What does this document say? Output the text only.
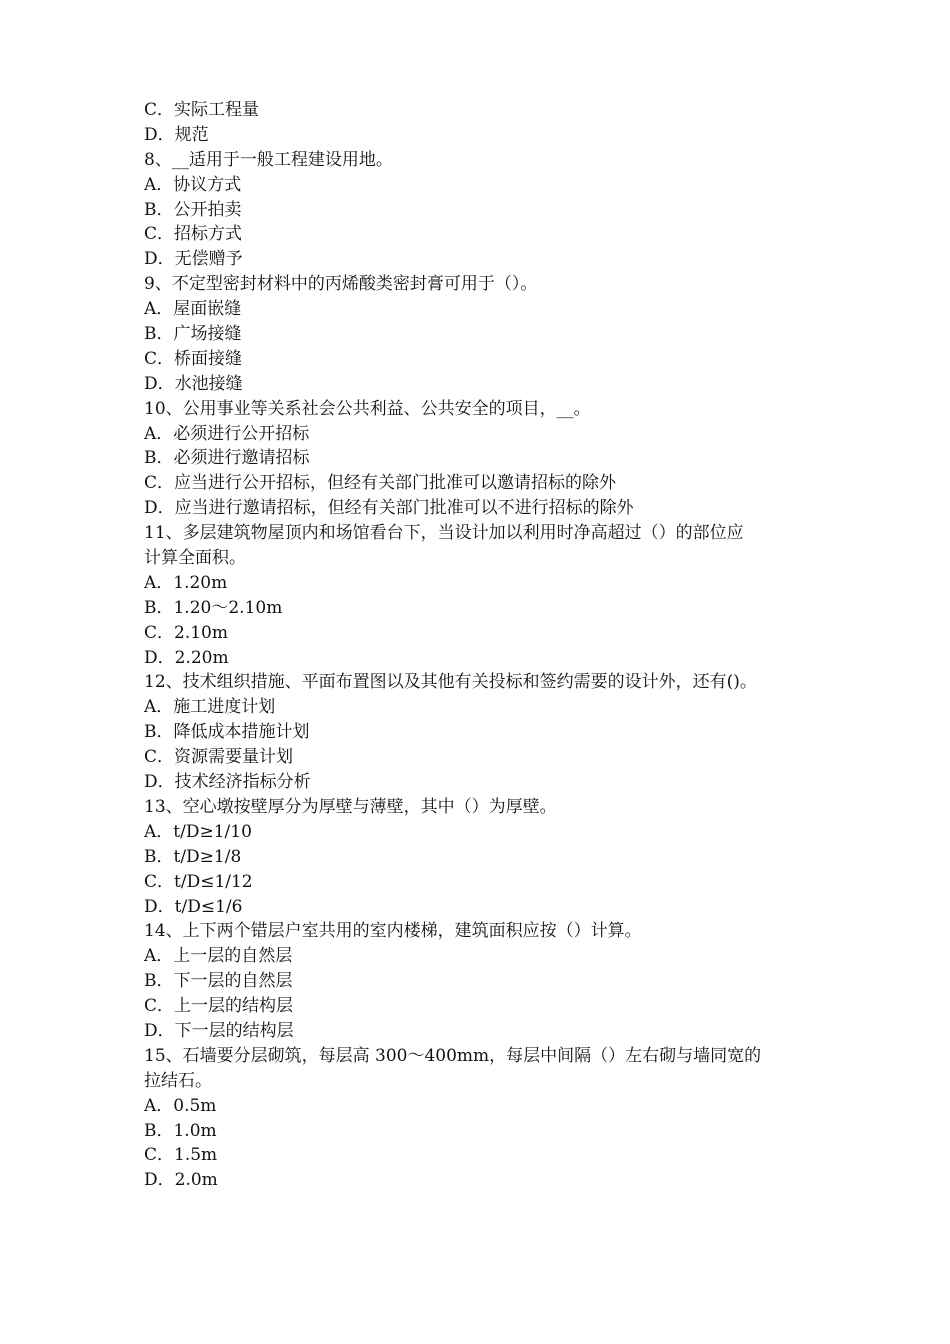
C．实际工程量
D．规范
8、__适用于一般工程建设用地。
A．协议方式
B．公开拍卖
C．招标方式
D．无偿赠予
9、不定型密封材料中的丙烯酸类密封膏可用于（）。
A．屋面嵌缝
B．广场接缝
C．桥面接缝
D．水池接缝
10、公用事业等关系社会公共利益、公共安全的项目，__。
A．必须进行公开招标
B．必须进行邀请招标
C．应当进行公开招标，但经有关部门批准可以邀请招标的除外
D．应当进行邀请招标，但经有关部门批准可以不进行招标的除外
11、多层建筑物屋顶内和场馆看台下，当设计加以利用时净高超过（）的部位应
计算全面积。
A．1.20m
B．1.20～2.10m
C．2.10m
D．2.20m
12、技术组织措施、平面布置图以及其他有关投标和签约需要的设计外，还有()。
A．施工进度计划
B．降低成本措施计划
C．资源需要量计划
D．技术经济指标分析
13、空心墩按壁厚分为厚壁与薄壁，其中（）为厚壁。
A．t/D≥1/10
B．t/D≥1/8
C．t/D≤1/12
D．t/D≤1/6
14、上下两个错层户室共用的室内楼梯，建筑面积应按（）计算。
A．上一层的自然层
B．下一层的自然层
C．上一层的结构层
D．下一层的结构层
15、石墙要分层砌筑，每层高 300～400mm，每层中间隔（）左右砌与墙同宽的
拉结石。
A．0.5m
B．1.0m
C．1.5m
D．2.0m
